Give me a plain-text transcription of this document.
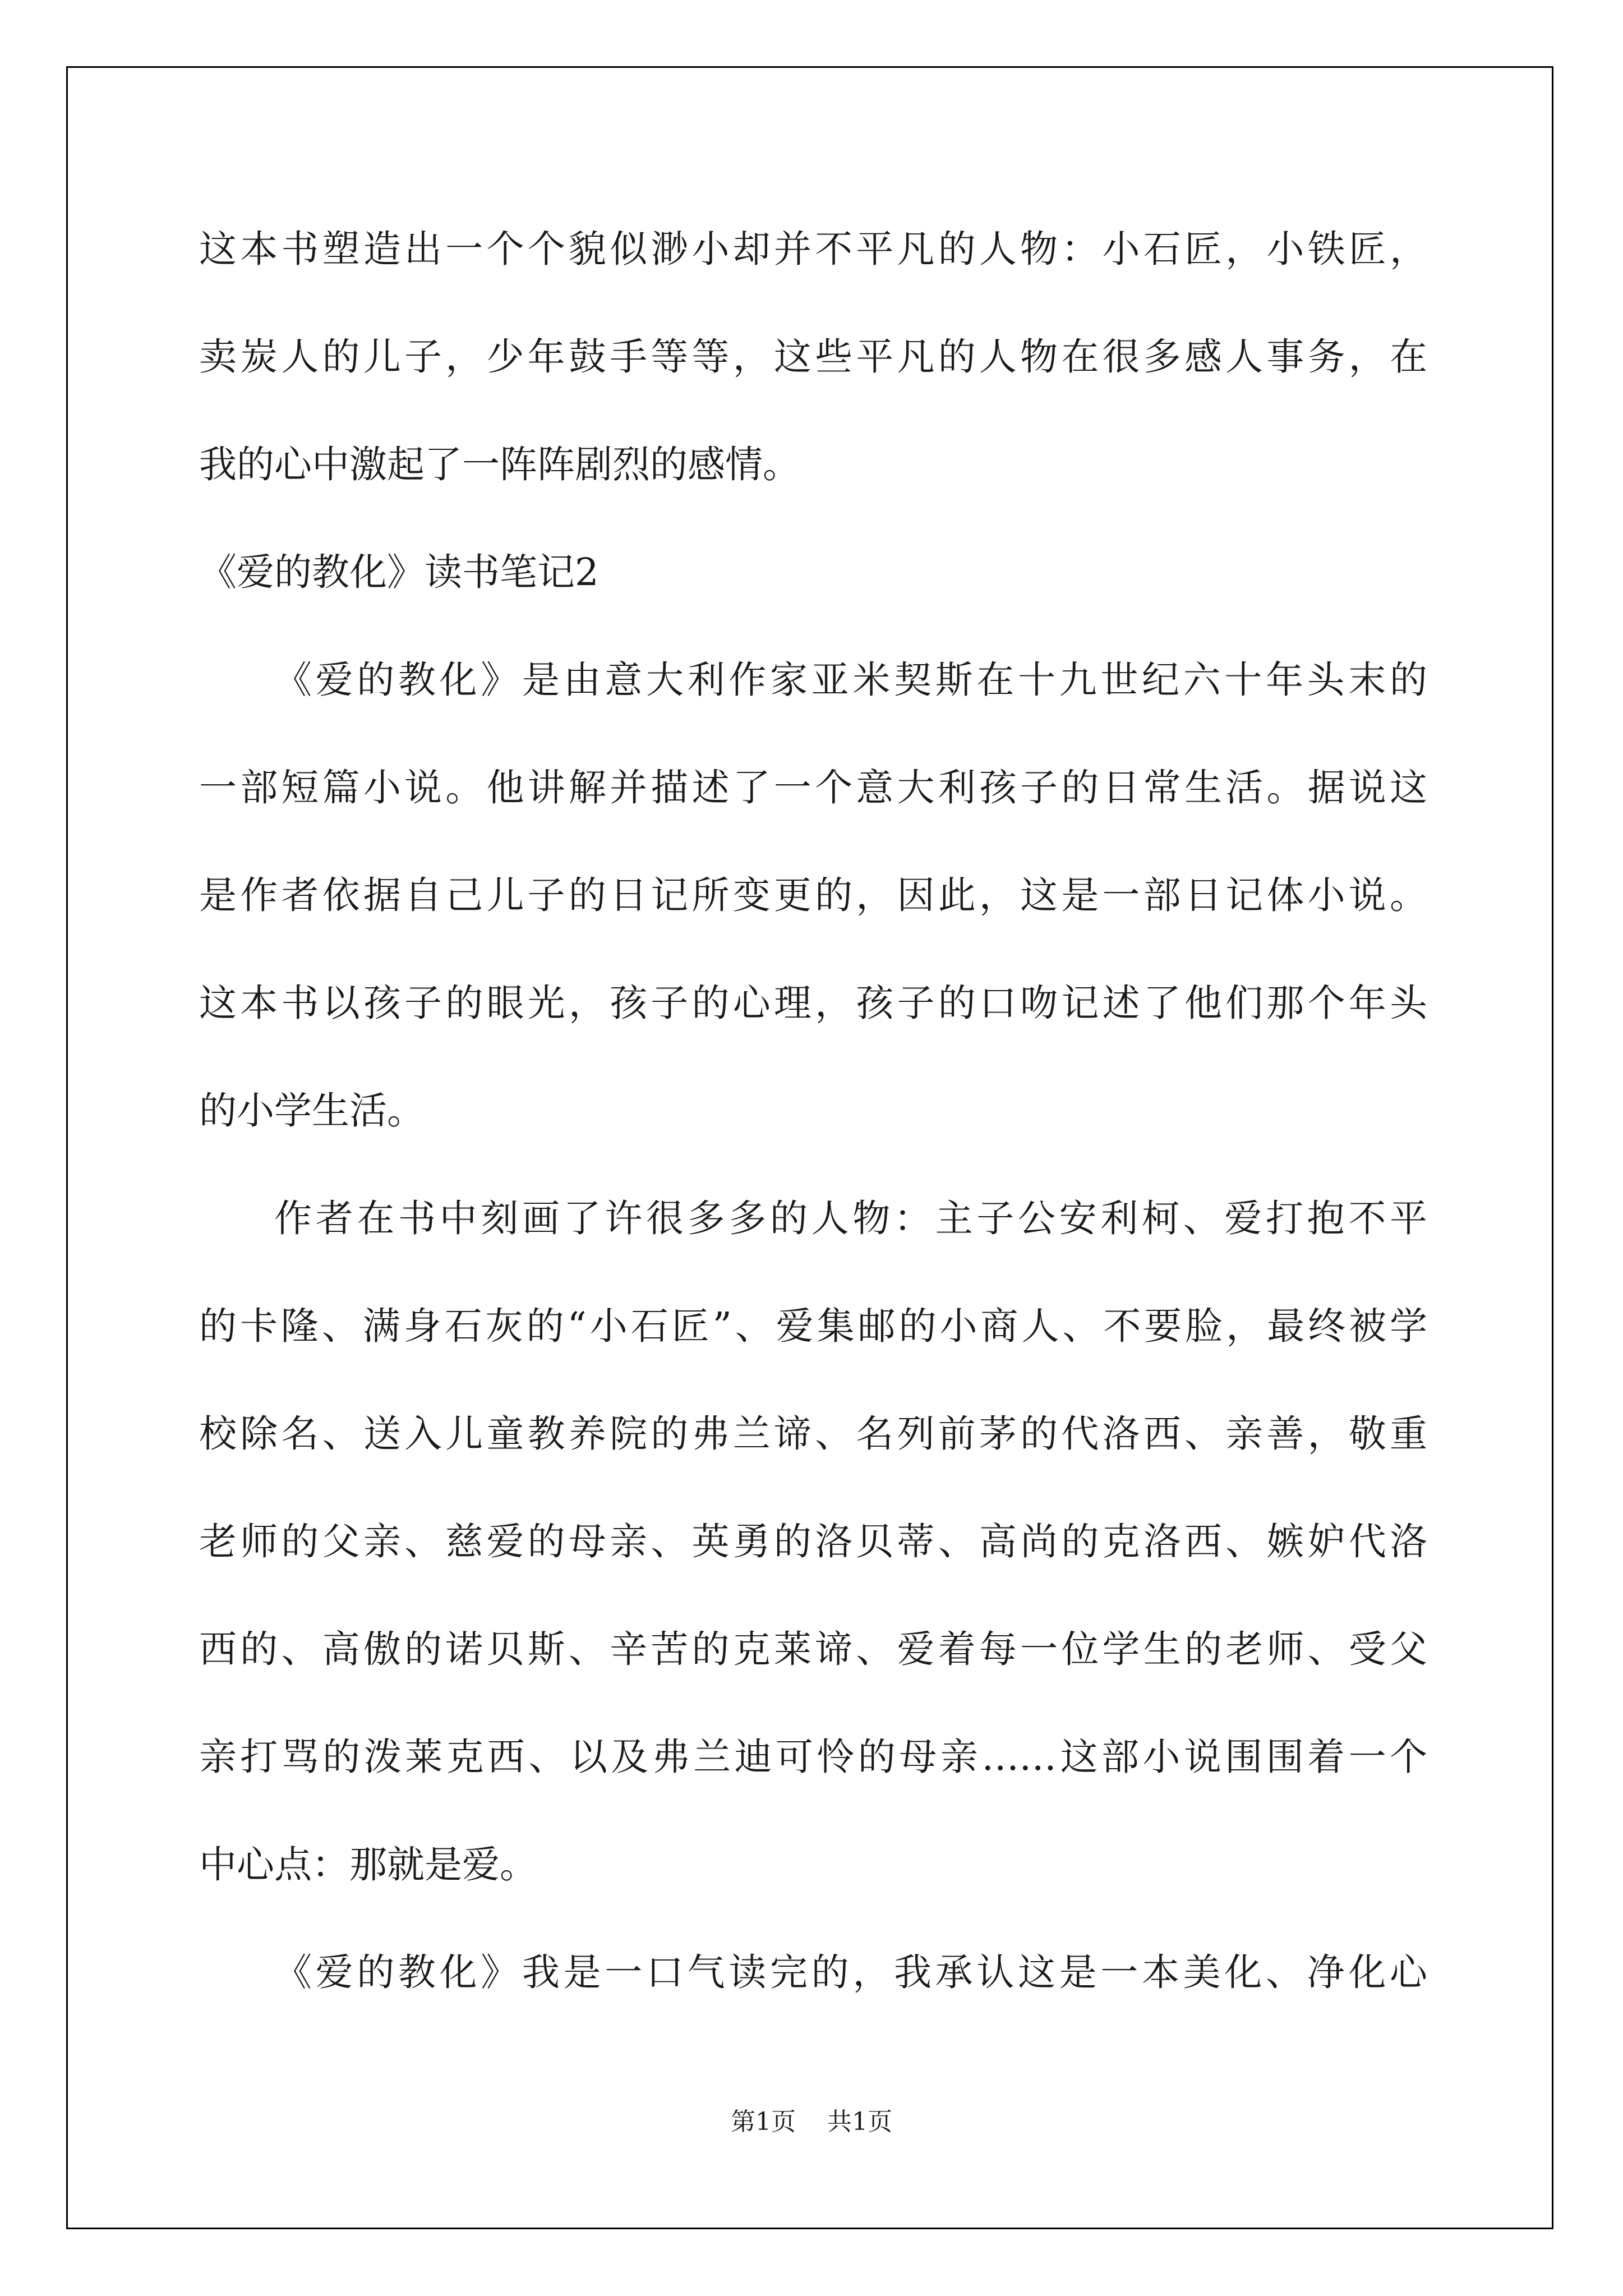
这本书塑造出一个个貌似渺小却并不平凡的人物：小石匠，小铁匠，
卖炭人的儿子，少年鼓手等等，这些平凡的人物在很多感人事务，在
我的心中激起了一阵阵剧烈的感情。
《爱的教化》读书笔记2
《爱的教化》是由意大利作家亚米契斯在十九世纪六十年头末的
一部短篇小说。他讲解并描述了一个意大利孩子的日常生活。据说这
是作者依据自己儿子的日记所变更的，因此，这是一部日记体小说。
这本书以孩子的眼光，孩子的心理，孩子的口吻记述了他们那个年头
的小学生活。
作者在书中刻画了许很多多的人物：主子公安利柯、爱打抱不平
的卡隆、满身石灰的“小石匠”、爱集邮的小商人、不要脸，最终被学
校除名、送入儿童教养院的弗兰谛、名列前茅的代洛西、亲善，敬重
老师的父亲、慈爱的母亲、英勇的洛贝蒂、高尚的克洛西、嫉妒代洛
西的、高傲的诺贝斯、辛苦的克莱谛、爱着每一位学生的老师、受父
亲打骂的泼莱克西、以及弗兰迪可怜的母亲……这部小说围围着一个
中心点：那就是爱。
《爱的教化》我是一口气读完的，我承认这是一本美化、净化心
第1页    共1页
